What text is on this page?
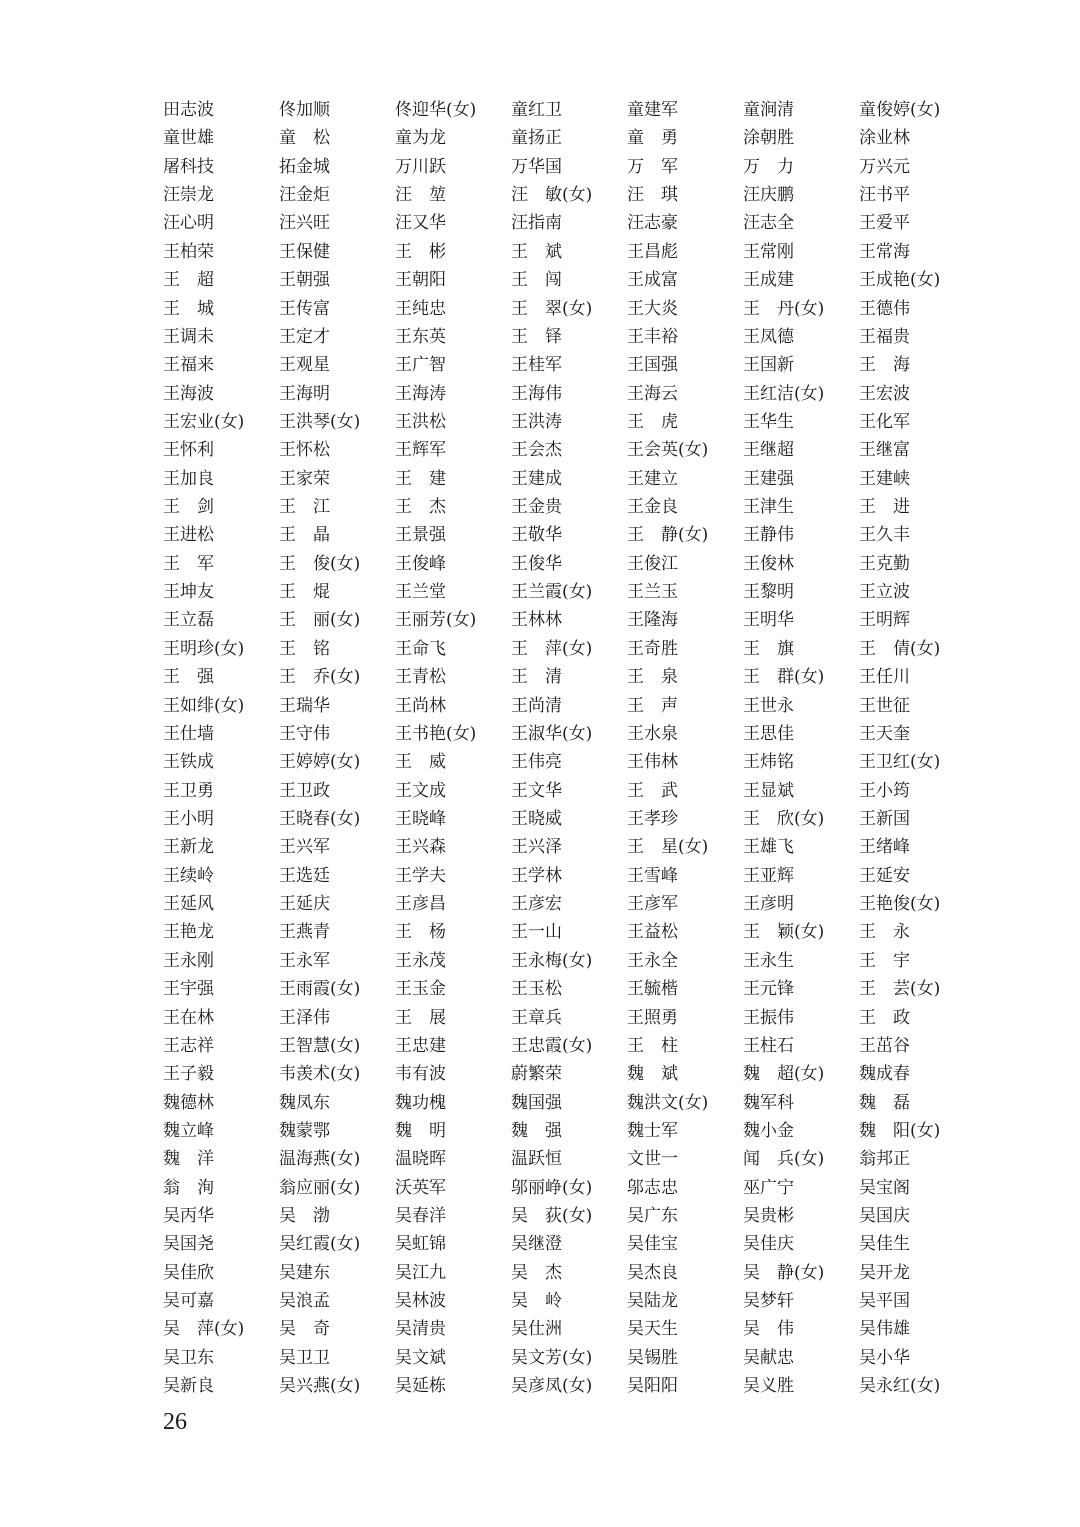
田志波	佟加顺	佟迎华(女)	童红卫	童建军	童涧清	童俊婷(女)
童世雄	童　松	童为龙	童扬正	童　勇	涂朝胜	涂业林
屠科技	拓金城	万川跃	万华国	万　军	万　力	万兴元
汪崇龙	汪金炬	汪　堃	汪　敏(女)	汪　琪	汪庆鹏	汪书平
汪心明	汪兴旺	汪又华	汪指南	汪志豪	汪志全	王爱平
王柏荣	王保健	王　彬	王　斌	王昌彪	王常刚	王常海
王　超	王朝强	王朝阳	王　闯	王成富	王成建	王成艳(女)
王　城	王传富	王纯忠	王　翠(女)	王大炎	王　丹(女)	王德伟
王调未	王定才	王东英	王　铎	王丰裕	王凤德	王福贵
王福来	王观星	王广智	王桂军	王国强	王国新	王　海
王海波	王海明	王海涛	王海伟	王海云	王红洁(女)	王宏波
王宏业(女)	王洪琴(女)	王洪松	王洪涛	王　虎	王华生	王化军
王怀利	王怀松	王辉军	王会杰	王会英(女)	王继超	王继富
王加良	王家荣	王　建	王建成	王建立	王建强	王建峡
王　剑	王　江	王　杰	王金贵	王金良	王津生	王　进
王进松	王　晶	王景强	王敬华	王　静(女)	王静伟	王久丰
王　军	王　俊(女)	王俊峰	王俊华	王俊江	王俊林	王克勤
王坤友	王　焜	王兰堂	王兰霞(女)	王兰玉	王黎明	王立波
王立磊	王　丽(女)	王丽芳(女)	王林林	王隆海	王明华	王明辉
王明珍(女)	王　铭	王命飞	王　萍(女)	王奇胜	王　旗	王　倩(女)
王　强	王　乔(女)	王青松	王　清	王　泉	王　群(女)	王任川
王如绯(女)	王瑞华	王尚林	王尚清	王　声	王世永	王世征
王仕墙	王守伟	王书艳(女)	王淑华(女)	王水泉	王思佳	王天奎
王铁成	王婷婷(女)	王　威	王伟亮	王伟林	王炜铭	王卫红(女)
王卫勇	王卫政	王文成	王文华	王　武	王显斌	王小筠
王小明	王晓春(女)	王晓峰	王晓威	王孝珍	王　欣(女)	王新国
王新龙	王兴军	王兴森	王兴泽	王　星(女)	王雄飞	王绪峰
王续岭	王选廷	王学夫	王学林	王雪峰	王亚辉	王延安
王延风	王延庆	王彦昌	王彦宏	王彦军	王彦明	王艳俊(女)
王艳龙	王燕青	王　杨	王一山	王益松	王　颖(女)	王　永
王永刚	王永军	王永茂	王永梅(女)	王永全	王永生	王　宇
王宇强	王雨霞(女)	王玉金	王玉松	王毓楷	王元锋	王　芸(女)
王在林	王泽伟	王　展	王章兵	王照勇	王振伟	王　政
王志祥	王智慧(女)	王忠建	王忠霞(女)	王　柱	王柱石	王茁谷
王子毅	韦羡术(女)	韦有波	蔚繁荣	魏　斌	魏　超(女)	魏成春
魏德林	魏凤东	魏功槐	魏国强	魏洪文(女)	魏军科	魏　磊
魏立峰	魏蒙鄂	魏　明	魏　强	魏士军	魏小金	魏　阳(女)
魏　洋	温海燕(女)	温晓晖	温跃恒	文世一	闻　兵(女)	翁邦正
翁　洵	翁应丽(女)	沃英军	邬丽峥(女)	邬志忠	巫广宁	吴宝阁
吴丙华	吴　渤	吴春洋	吴　荻(女)	吴广东	吴贵彬	吴国庆
吴国尧	吴红霞(女)	吴虹锦	吴继澄	吴佳宝	吴佳庆	吴佳生
吴佳欣	吴建东	吴江九	吴　杰	吴杰良	吴　静(女)	吴开龙
吴可嘉	吴浪孟	吴林波	吴　岭	吴陆龙	吴梦轩	吴平国
吴　萍(女)	吴　奇	吴清贵	吴仕洲	吴天生	吴　伟	吴伟雄
吴卫东	吴卫卫	吴文斌	吴文芳(女)	吴锡胜	吴献忠	吴小华
吴新良	吴兴燕(女)	吴延栋	吴彦凤(女)	吴阳阳	吴义胜	吴永红(女)
26
